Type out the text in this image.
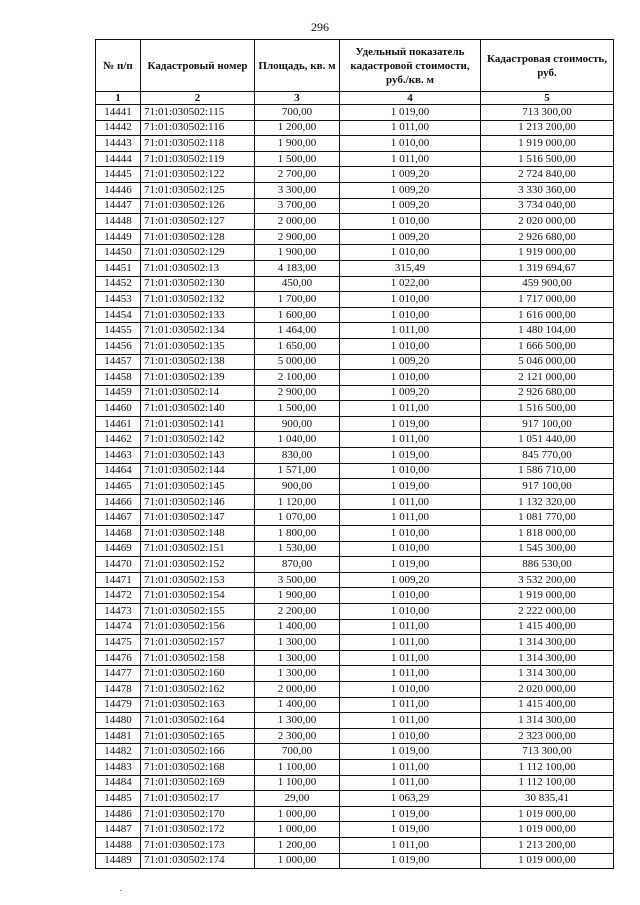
296
№ п/п	Кадастровый номер	Площадь, кв. м	Удельный показатель кадастровой стоимости, руб./кв. м	Кадастровая стоимость, руб.
1	2	3	4	5
14441	71:01:030502:115	700,00	1 019,00	713 300,00
14442	71:01:030502:116	1 200,00	1 011,00	1 213 200,00
14443	71:01:030502:118	1 900,00	1 010,00	1 919 000,00
14444	71:01:030502:119	1 500,00	1 011,00	1 516 500,00
14445	71:01:030502:122	2 700,00	1 009,20	2 724 840,00
14446	71:01:030502:125	3 300,00	1 009,20	3 330 360,00
14447	71:01:030502:126	3 700,00	1 009,20	3 734 040,00
14448	71:01:030502:127	2 000,00	1 010,00	2 020 000,00
14449	71:01:030502:128	2 900,00	1 009,20	2 926 680,00
14450	71:01:030502:129	1 900,00	1 010,00	1 919 000,00
14451	71:01:030502:13	4 183,00	315,49	1 319 694,67
14452	71:01:030502:130	450,00	1 022,00	459 900,00
14453	71:01:030502:132	1 700,00	1 010,00	1 717 000,00
14454	71:01:030502:133	1 600,00	1 010,00	1 616 000,00
14455	71:01:030502:134	1 464,00	1 011,00	1 480 104,00
14456	71:01:030502:135	1 650,00	1 010,00	1 666 500,00
14457	71:01:030502:138	5 000,00	1 009,20	5 046 000,00
14458	71:01:030502:139	2 100,00	1 010,00	2 121 000,00
14459	71:01:030502:14	2 900,00	1 009,20	2 926 680,00
14460	71:01:030502:140	1 500,00	1 011,00	1 516 500,00
14461	71:01:030502:141	900,00	1 019,00	917 100,00
14462	71:01:030502:142	1 040,00	1 011,00	1 051 440,00
14463	71:01:030502:143	830,00	1 019,00	845 770,00
14464	71:01:030502:144	1 571,00	1 010,00	1 586 710,00
14465	71:01:030502:145	900,00	1 019,00	917 100,00
14466	71:01:030502:146	1 120,00	1 011,00	1 132 320,00
14467	71:01:030502:147	1 070,00	1 011,00	1 081 770,00
14468	71:01:030502:148	1 800,00	1 010,00	1 818 000,00
14469	71:01:030502:151	1 530,00	1 010,00	1 545 300,00
14470	71:01:030502:152	870,00	1 019,00	886 530,00
14471	71:01:030502:153	3 500,00	1 009,20	3 532 200,00
14472	71:01:030502:154	1 900,00	1 010,00	1 919 000,00
14473	71:01:030502:155	2 200,00	1 010,00	2 222 000,00
14474	71:01:030502:156	1 400,00	1 011,00	1 415 400,00
14475	71:01:030502:157	1 300,00	1 011,00	1 314 300,00
14476	71:01:030502:158	1 300,00	1 011,00	1 314 300,00
14477	71:01:030502:160	1 300,00	1 011,00	1 314 300,00
14478	71:01:030502:162	2 000,00	1 010,00	2 020 000,00
14479	71:01:030502:163	1 400,00	1 011,00	1 415 400,00
14480	71:01:030502:164	1 300,00	1 011,00	1 314 300,00
14481	71:01:030502:165	2 300,00	1 010,00	2 323 000,00
14482	71:01:030502:166	700,00	1 019,00	713 300,00
14483	71:01:030502:168	1 100,00	1 011,00	1 112 100,00
14484	71:01:030502:169	1 100,00	1 011,00	1 112 100,00
14485	71:01:030502:17	29,00	1 063,29	30 835,41
14486	71:01:030502:170	1 000,00	1 019,00	1 019 000,00
14487	71:01:030502:172	1 000,00	1 019,00	1 019 000,00
14488	71:01:030502:173	1 200,00	1 011,00	1 213 200,00
14489	71:01:030502:174	1 000,00	1 019,00	1 019 000,00
